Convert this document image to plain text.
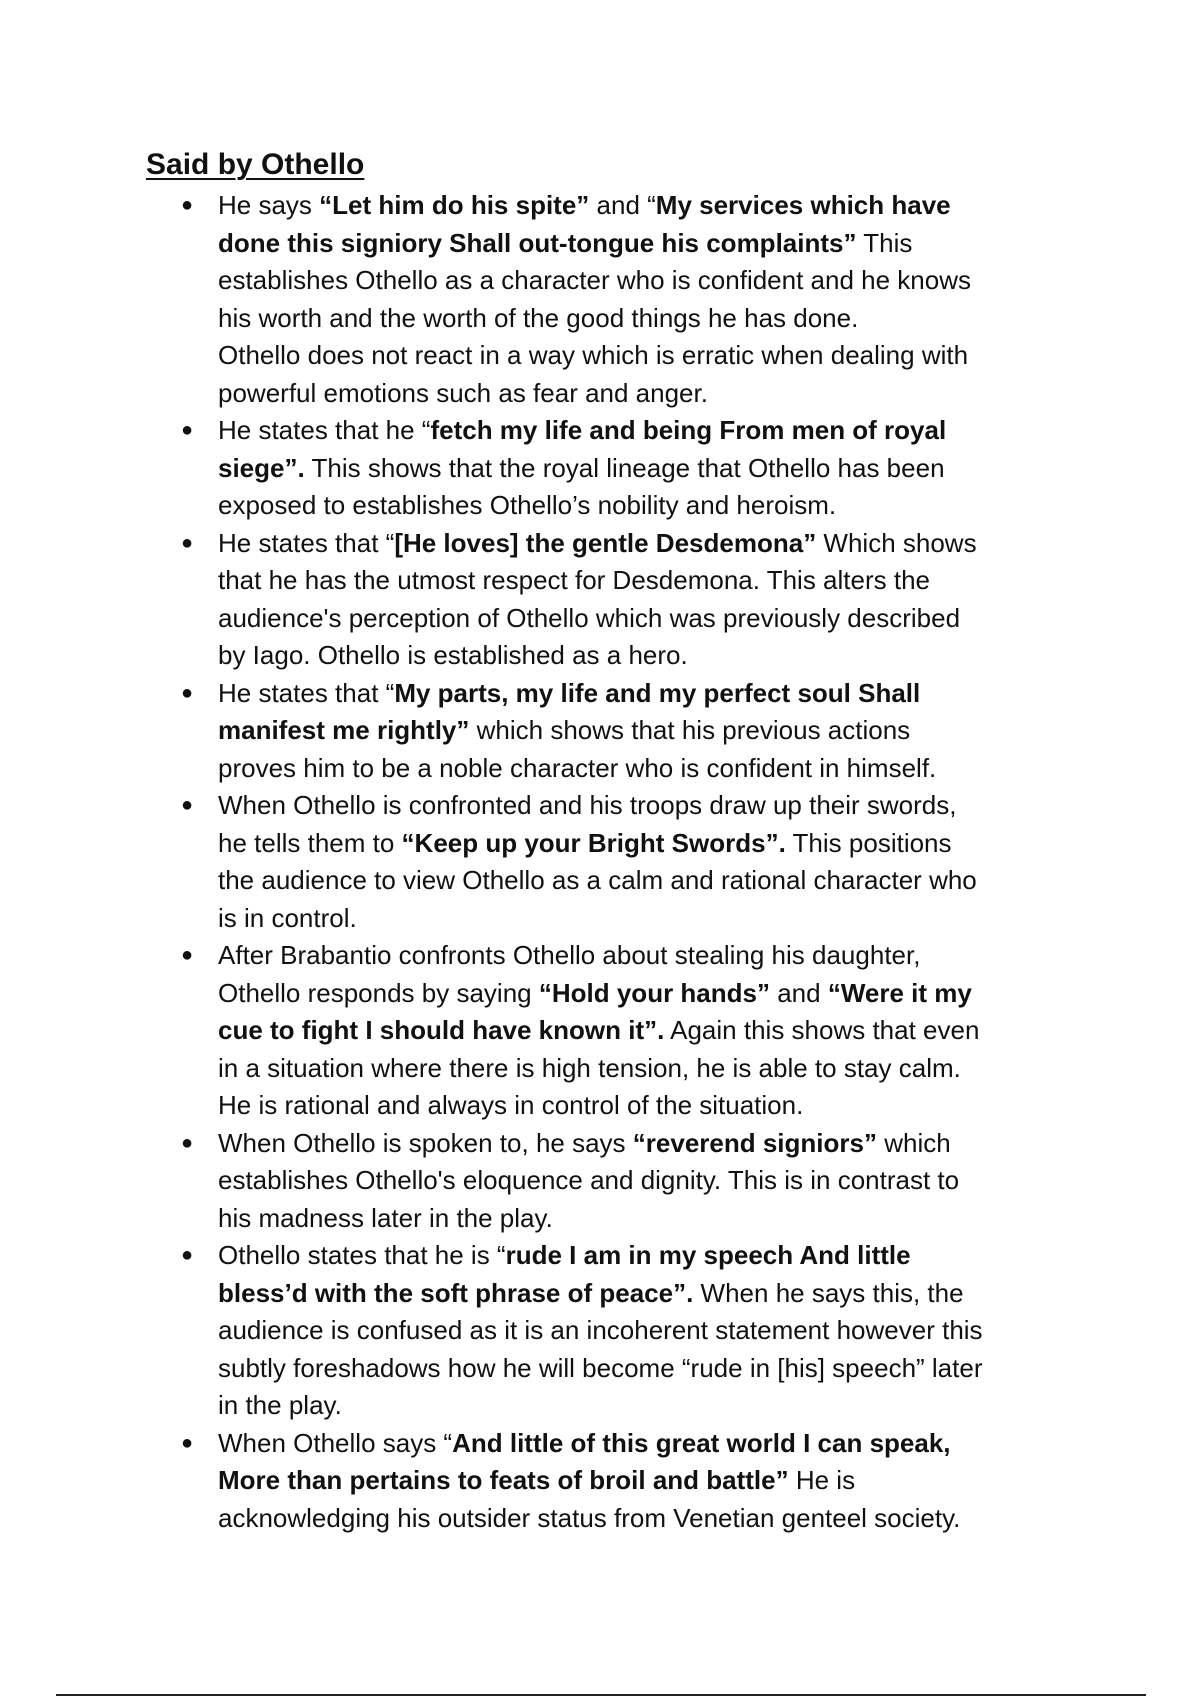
Said by Othello
● He says “Let him do his spite” and “My services which have
done this signiory Shall out-tongue his complaints” This
establishes Othello as a character who is confident and he knows
his worth and the worth of the good things he has done.
Othello does not react in a way which is erratic when dealing with
powerful emotions such as fear and anger.
● He states that he “fetch my life and being From men of royal
siege”. This shows that the royal lineage that Othello has been
exposed to establishes Othello’s nobility and heroism.
● He states that “[He loves] the gentle Desdemona” Which shows
that he has the utmost respect for Desdemona. This alters the
audience's perception of Othello which was previously described
by Iago. Othello is established as a hero.
● He states that “My parts, my life and my perfect soul Shall
manifest me rightly” which shows that his previous actions
proves him to be a noble character who is confident in himself.
● When Othello is confronted and his troops draw up their swords,
he tells them to “Keep up your Bright Swords”. This positions
the audience to view Othello as a calm and rational character who
is in control.
● After Brabantio confronts Othello about stealing his daughter,
Othello responds by saying “Hold your hands” and “Were it my
cue to fight I should have known it”. Again this shows that even
in a situation where there is high tension, he is able to stay calm.
He is rational and always in control of the situation.
● When Othello is spoken to, he says “reverend signiors” which
establishes Othello's eloquence and dignity. This is in contrast to
his madness later in the play.
● Othello states that he is “rude I am in my speech And little
bless’d with the soft phrase of peace”. When he says this, the
audience is confused as it is an incoherent statement however this
subtly foreshadows how he will become “rude in [his] speech” later
in the play.
● When Othello says “And little of this great world I can speak,
More than pertains to feats of broil and battle” He is
acknowledging his outsider status from Venetian genteel society.
